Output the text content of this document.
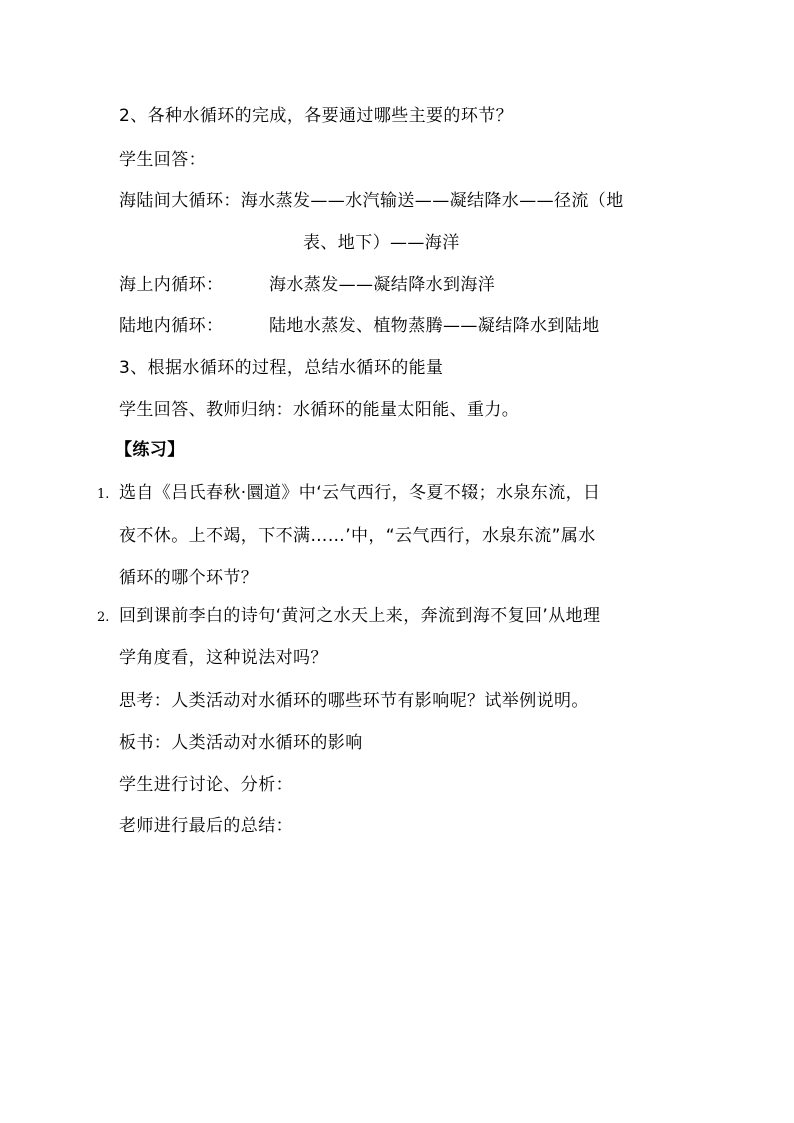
2、各种水循环的完成，各要通过哪些主要的环节？
学生回答：
海陆间大循环：海水蒸发——水汽输送——凝结降水——径流（地
表、地下）——海洋
海上内循环：	海水蒸发——凝结降水到海洋
陆地内循环：	陆地水蒸发、植物蒸腾——凝结降水到陆地
3、根据水循环的过程，总结水循环的能量
学生回答、教师归纳：水循环的能量太阳能、重力。
【练习】
1. 选自《吕氏春秋·圜道》中‘云气西行，冬夏不辍；水泉东流，日
夜不休。上不竭，下不满……’中，“云气西行，水泉东流”属水
循环的哪个环节？
2. 回到课前李白的诗句‘黄河之水天上来，奔流到海不复回’从地理
学角度看，这种说法对吗？
思考：人类活动对水循环的哪些环节有影响呢？试举例说明。
板书：人类活动对水循环的影响
学生进行讨论、分析：
老师进行最后的总结：
